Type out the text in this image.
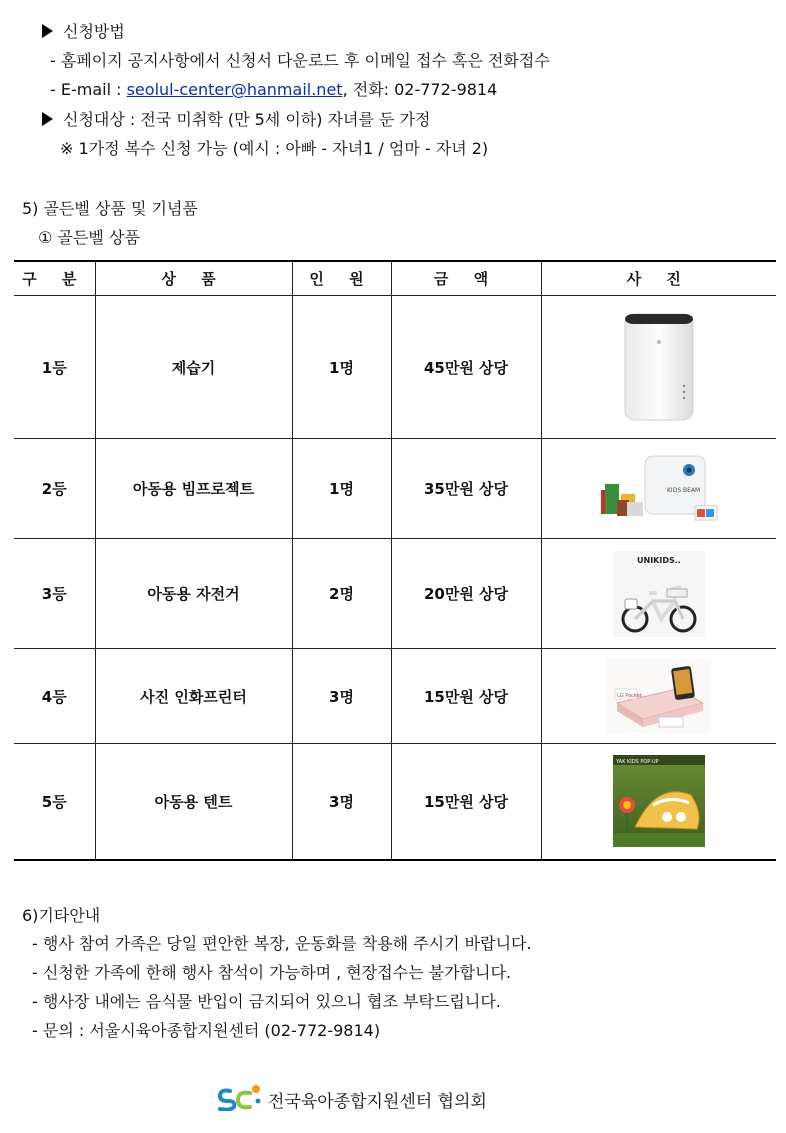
신청방법
- 홈페이지 공지사항에서 신청서 다운로드 후 이메일 접수 혹은 전화접수
- E-mail : seolul-center@hanmail.net, 전화: 02-772-9814
신청대상 : 전국 미취학 (만 5세 이하) 자녀를 둔 가정
※ 1가정 복수 신청 가능 (예시 : 아빠 - 자녀1 / 엄마 - 자녀 2)
5) 골든벨 상품 및 기념품
① 골든벨 상품
구 분	상 품	인 원	금 액	사 진
1등	제습기	1명	45만원 상당	

2등	아동용 빔프로젝트	1명	35만원 상당	KIDS BEAM

3등	아동용 자전거	2명	20만원 상당	UNIKIDS..

4등	사진 인화프린터	3명	15만원 상당	LG Pocket

5등	아동용 텐트	3명	15만원 상당	YAK KIDS POP-UP
6)기타안내
- 행사 참여 가족은 당일 편안한 복장, 운동화를 착용해 주시기 바랍니다.
- 신청한 가족에 한해 행사 참석이 가능하며 , 현장접수는 불가합니다.
- 행사장 내에는 음식물 반입이 금지되어 있으니 협조 부탁드립니다.
- 문의 : 서울시육아종합지원센터 (02-772-9814)
전국육아종합지원센터 협의회
